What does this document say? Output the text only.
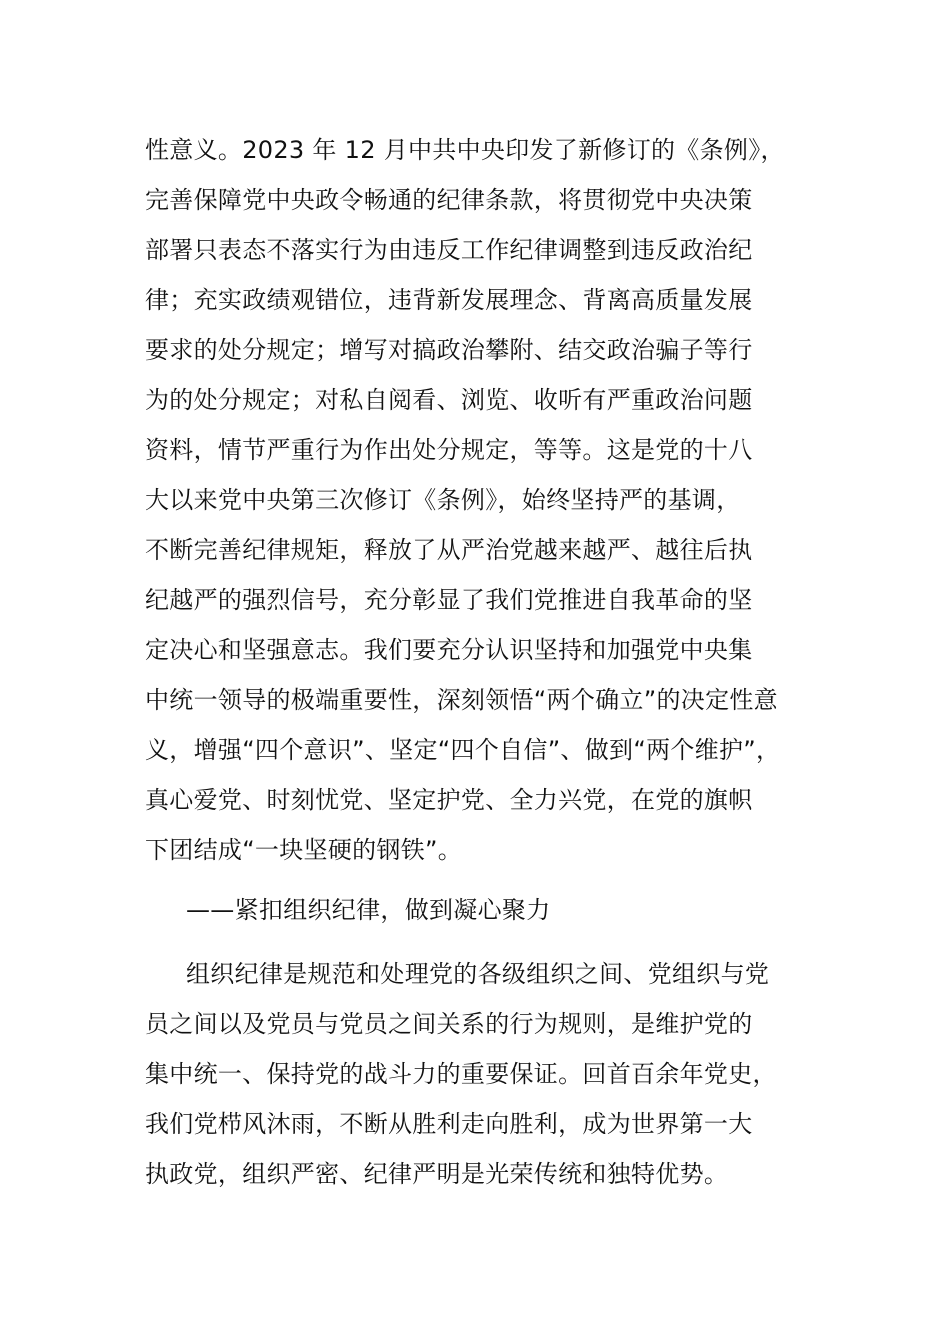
性意义。2023 年 12 月中共中央印发了新修订的《条例》，
完善保障党中央政令畅通的纪律条款，将贯彻党中央决策
部署只表态不落实行为由违反工作纪律调整到违反政治纪
律；充实政绩观错位，违背新发展理念、背离高质量发展
要求的处分规定；增写对搞政治攀附、结交政治骗子等行
为的处分规定；对私自阅看、浏览、收听有严重政治问题
资料，情节严重行为作出处分规定，等等。这是党的十八
大以来党中央第三次修订《条例》，始终坚持严的基调，
不断完善纪律规矩，释放了从严治党越来越严、越往后执
纪越严的强烈信号，充分彰显了我们党推进自我革命的坚
定决心和坚强意志。我们要充分认识坚持和加强党中央集
中统一领导的极端重要性，深刻领悟“两个确立”的决定性意
义，增强“四个意识”、坚定“四个自信”、做到“两个维护”，
真心爱党、时刻忧党、坚定护党、全力兴党，在党的旗帜
下团结成“一块坚硬的钢铁”。
——紧扣组织纪律，做到凝心聚力
组织纪律是规范和处理党的各级组织之间、党组织与党
员之间以及党员与党员之间关系的行为规则，是维护党的
集中统一、保持党的战斗力的重要保证。回首百余年党史，
我们党栉风沐雨，不断从胜利走向胜利，成为世界第一大
执政党，组织严密、纪律严明是光荣传统和独特优势。
